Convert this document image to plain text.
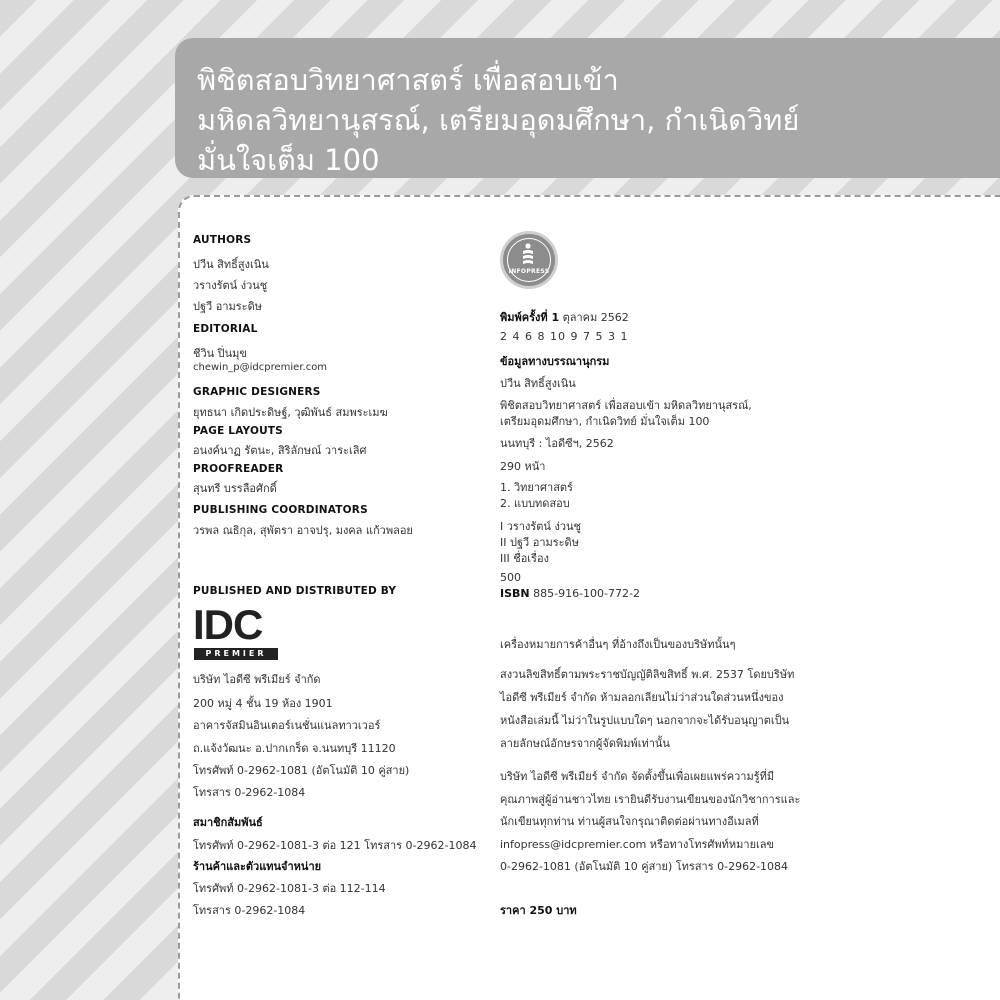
พิชิตสอบวิทยาศาสตร์ เพื่อสอบเข้า
มหิดลวิทยานุสรณ์, เตรียมอุดมศึกษา, กำเนิดวิทย์
มั่นใจเต็ม 100
AUTHORS
ปวีน สิทธิ์สูงเนิน
วรางรัตน์ ง่วนชู
ปฐวี อามระดิษ
EDITORIAL
ชีวิน ปิ่นมุข
chewin_p@idcpremier.com
GRAPHIC DESIGNERS
ยุทธนา เกิดประดิษฐ์, วุฒิพันธ์ สมพระเมฆ
PAGE LAYOUTS
อนงค์นาฏ รัตนะ, สิริลักษณ์ วาระเลิศ
PROOFREADER
สุนทรี บรรลือศักดิ์
PUBLISHING COORDINATORS
วรพล ณธิกุล, สุพัตรา อาจปรุ, มงคล แก้วพลอย
PUBLISHED AND DISTRIBUTED BY
IDC
PREMIER
บริษัท ไอดีซี พรีเมียร์ จำกัด
200 หมู่ 4 ชั้น 19 ห้อง 1901
อาคารจัสมินอินเตอร์เนชั่นแนลทาวเวอร์
ถ.แจ้งวัฒนะ อ.ปากเกร็ด จ.นนทบุรี 11120
โทรศัพท์ 0-2962-1081 (อัตโนมัติ 10 คู่สาย)
โทรสาร 0-2962-1084
สมาชิกสัมพันธ์
โทรศัพท์ 0-2962-1081-3 ต่อ 121 โทรสาร 0-2962-1084
ร้านค้าและตัวแทนจำหน่าย
โทรศัพท์ 0-2962-1081-3 ต่อ 112-114
โทรสาร 0-2962-1084
INFOPRESS
พิมพ์ครั้งที่ 1 ตุลาคม 2562
2 4 6 8 10 9 7 5 3 1
ข้อมูลทางบรรณานุกรม
ปวีน สิทธิ์สูงเนิน
พิชิตสอบวิทยาศาสตร์ เพื่อสอบเข้า มหิดลวิทยานุสรณ์,
เตรียมอุดมศึกษา, กำเนิดวิทย์ มั่นใจเต็ม 100
นนทบุรี : ไอดีซีฯ, 2562
290 หน้า
1. วิทยาศาสตร์
2. แบบทดสอบ
I วรางรัตน์ ง่วนชู
II ปฐวี อามระดิษ
III ชื่อเรื่อง
500
ISBN 885-916-100-772-2
เครื่องหมายการค้าอื่นๆ ที่อ้างถึงเป็นของบริษัทนั้นๆ
สงวนลิขสิทธิ์ตามพระราชบัญญัติลิขสิทธิ์ พ.ศ. 2537 โดยบริษัท
ไอดีซี พรีเมียร์ จำกัด ห้ามลอกเลียนไม่ว่าส่วนใดส่วนหนึ่งของ
หนังสือเล่มนี้ ไม่ว่าในรูปแบบใดๆ นอกจากจะได้รับอนุญาตเป็น
ลายลักษณ์อักษรจากผู้จัดพิมพ์เท่านั้น
บริษัท ไอดีซี พรีเมียร์ จำกัด จัดตั้งขึ้นเพื่อเผยแพร่ความรู้ที่มี
คุณภาพสู่ผู้อ่านชาวไทย เรายินดีรับงานเขียนของนักวิชาการและ
นักเขียนทุกท่าน ท่านผู้สนใจกรุณาติดต่อผ่านทางอีเมลที่
infopress@idcpremier.com หรือทางโทรศัพท์หมายเลข
0-2962-1081 (อัตโนมัติ 10 คู่สาย) โทรสาร 0-2962-1084
ราคา 250 บาท
